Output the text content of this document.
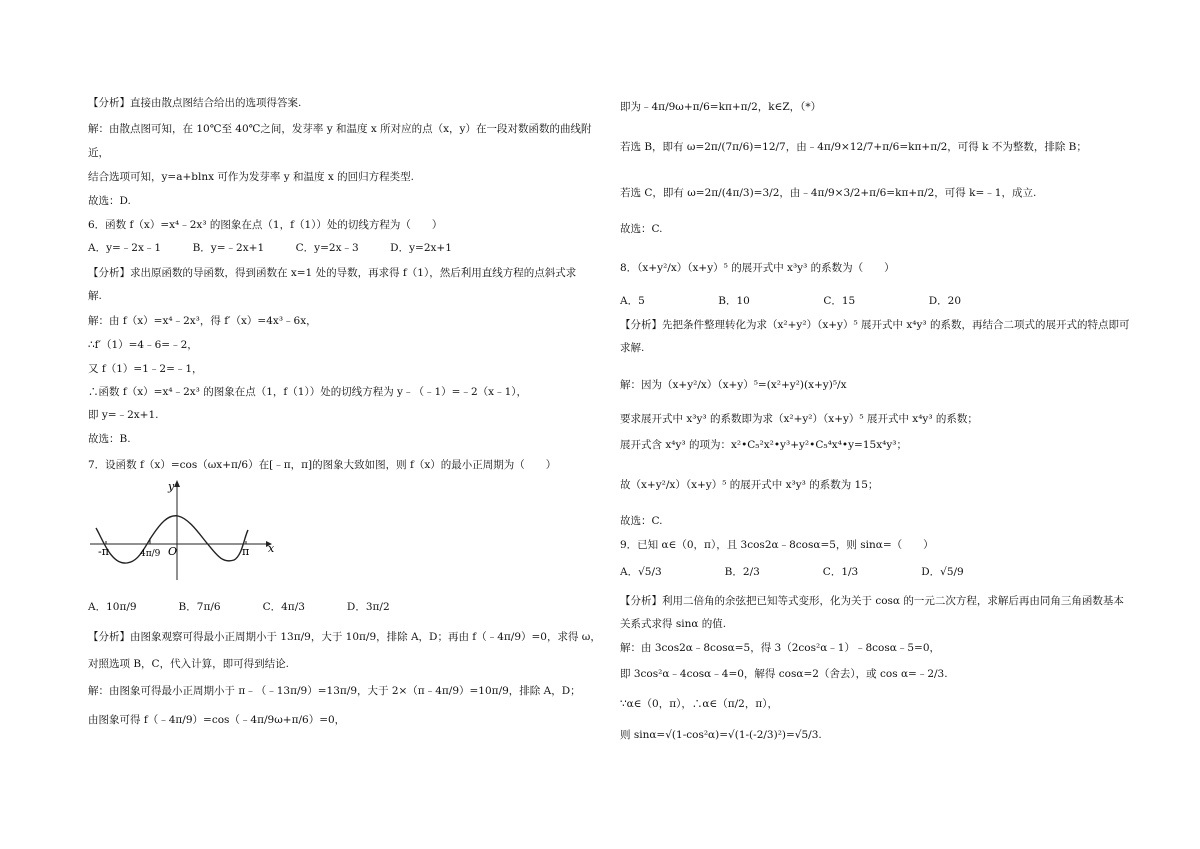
【分析】直接由散点图结合给出的选项得答案.
解：由散点图可知，在 10℃至 40℃之间，发芽率 y 和温度 x 所对应的点（x，y）在一段对数函数的曲线附
近，
结合选项可知，y=a+blnx 可作为发芽率 y 和温度 x 的回归方程类型.
故选：D.
6．函数 f（x）=x⁴﹣2x³ 的图象在点（1，f（1））处的切线方程为（　　）
A．y=﹣2x﹣1　　　B．y=﹣2x+1　　　C．y=2x﹣3　　　D．y=2x+1
【分析】求出原函数的导函数，得到函数在 x=1 处的导数，再求得 f（1），然后利用直线方程的点斜式求
解.
解：由 f（x）=x⁴﹣2x³，得 f′（x）=4x³﹣6x，
∴f′（1）=4﹣6=﹣2，
又 f（1）=1﹣2=﹣1，
∴函数 f（x）=x⁴﹣2x³ 的图象在点（1，f（1））处的切线方程为 y﹣（﹣1）=﹣2（x﹣1），
即 y=﹣2x+1.
故选：B.
7．设函数 f（x）=cos（ωx+π/6）在[﹣π，π]的图象大致如图，则 f（x）的最小正周期为（　　）
A．10π/9　　　　B．7π/6　　　　C．4π/3　　　　D．3π/2
【分析】由图象观察可得最小正周期小于 13π/9，大于 10π/9，排除 A，D；再由 f（﹣4π/9）=0，求得 ω，
对照选项 B，C，代入计算，即可得到结论.
解：由图象可得最小正周期小于 π﹣（﹣13π/9）=13π/9，大于 2×（π﹣4π/9）=10π/9，排除 A，D；
由图象可得 f（﹣4π/9）=cos（﹣4π/9ω+π/6）=0，
即为﹣4π/9ω+π/6=kπ+π/2，k∈Z，（*）
若选 B，即有 ω=2π/(7π/6)=12/7，由﹣4π/9×12/7+π/6=kπ+π/2，可得 k 不为整数，排除 B；
若选 C，即有 ω=2π/(4π/3)=3/2，由﹣4π/9×3/2+π/6=kπ+π/2，可得 k=﹣1，成立.
故选：C.
8．（x+y²/x）（x+y）⁵ 的展开式中 x³y³ 的系数为（　　）
A．5　　　　　　　B．10　　　　　　　C．15　　　　　　　D．20
【分析】先把条件整理转化为求（x²+y²）（x+y）⁵ 展开式中 x⁴y³ 的系数，再结合二项式的展开式的特点即可
求解.
解：因为（x+y²/x）（x+y）⁵=(x²+y²)(x+y)⁵/x
要求展开式中 x³y³ 的系数即为求（x²+y²）（x+y）⁵ 展开式中 x⁴y³ 的系数；
展开式含 x⁴y³ 的项为：x²•C₅²x²•y³+y²•C₅⁴x⁴•y=15x⁴y³；
故（x+y²/x）（x+y）⁵ 的展开式中 x³y³ 的系数为 15；
故选：C.
9．已知 α∈（0，π），且 3cos2α﹣8cosα=5，则 sinα=（　　）
A．√5/3　　　　　　B．2/3　　　　　　C．1/3　　　　　　D．√5/9
【分析】利用二倍角的余弦把已知等式变形，化为关于 cosα 的一元二次方程，求解后再由同角三角函数基本
关系式求得 sinα 的值.
解：由 3cos2α﹣8cosα=5，得 3（2cos²α﹣1）﹣8cosα﹣5=0，
即 3cos²α﹣4cosα﹣4=0，解得 cosα=2（舍去），或 cos α=﹣2/3.
∵α∈（0，π），∴α∈（π/2，π），
则 sinα=√(1-cos²α)=√(1-(-2/3)²)=√5/3.
y
x
O
-π	π
4π/9
